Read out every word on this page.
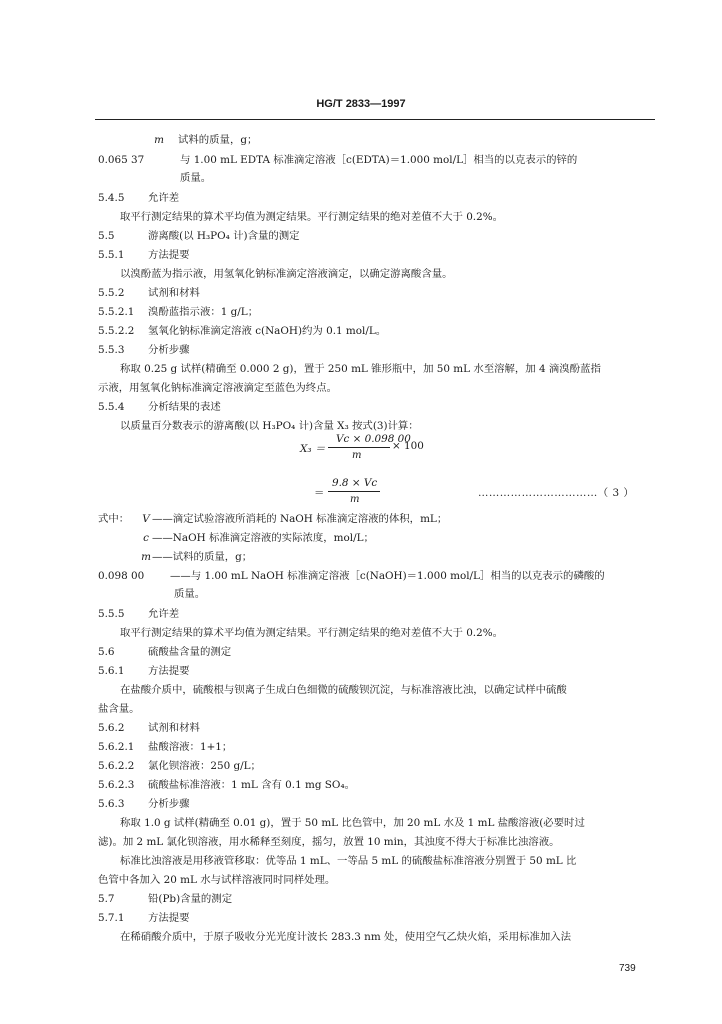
HG/T 2833—1997
m 试料的质量，g；
0.065 37	与 1.00 mL EDTA 标准滴定溶液［c(EDTA)＝1.000 mol/L］相当的以克表示的锌的
质量。
5.4.5 允许差
取平行测定结果的算术平均值为测定结果。平行测定结果的绝对差值不大于 0.2%。
5.5	游离酸(以 H₃PO₄ 计)含量的测定
5.5.1 方法提要
以溴酚蓝为指示液，用氢氧化钠标准滴定溶液滴定，以确定游离酸含量。
5.5.2 试剂和材料
5.5.2.1 溴酚蓝指示液：1 g/L；
5.5.2.2 氢氧化钠标准滴定溶液 c(NaOH)约为 0.1 mol/L。
5.5.3 分析步骤
称取 0.25 g 试样(精确至 0.000 2 g)，置于 250 mL 锥形瓶中，加 50 mL 水至溶解，加 4 滴溴酚蓝指
示液，用氢氧化钠标准滴定溶液滴定至蓝色为终点。
5.5.4 分析结果的表述
以质量百分数表示的游离酸(以 H₃PO₄ 计)含量 X₃ 按式(3)计算：
X₃ ＝
Vc × 0.098 00
m
× 100
＝
9.8 × Vc
m
……………………………（ 3 ）
式中： V ——滴定试验溶液所消耗的 NaOH 标准滴定溶液的体积，mL；
c ——NaOH 标准滴定溶液的实际浓度，mol/L；
m——试料的质量，g；
0.098 00 ——与 1.00 mL NaOH 标准滴定溶液［c(NaOH)＝1.000 mol/L］相当的以克表示的磷酸的
质量。
5.5.5 允许差
取平行测定结果的算术平均值为测定结果。平行测定结果的绝对差值不大于 0.2%。
5.6	硫酸盐含量的测定
5.6.1 方法提要
在盐酸介质中，硫酸根与钡离子生成白色细微的硫酸钡沉淀，与标准溶液比浊，以确定试样中硫酸
盐含量。
5.6.2 试剂和材料
5.6.2.1 盐酸溶液：1+1；
5.6.2.2 氯化钡溶液：250 g/L；
5.6.2.3 硫酸盐标准溶液：1 mL 含有 0.1 mg SO₄。
5.6.3 分析步骤
称取 1.0 g 试样(精确至 0.01 g)，置于 50 mL 比色管中，加 20 mL 水及 1 mL 盐酸溶液(必要时过
滤)。加 2 mL 氯化钡溶液，用水稀释至刻度，摇匀，放置 10 min，其浊度不得大于标准比浊溶液。
标准比浊溶液是用移液管移取：优等品 1 mL、一等品 5 mL 的硫酸盐标准溶液分别置于 50 mL 比
色管中各加入 20 mL 水与试样溶液同时同样处理。
5.7	铅(Pb)含量的测定
5.7.1 方法提要
在稀硝酸介质中，于原子吸收分光光度计波长 283.3 nm 处，使用空气乙炔火焰，采用标准加入法
739
